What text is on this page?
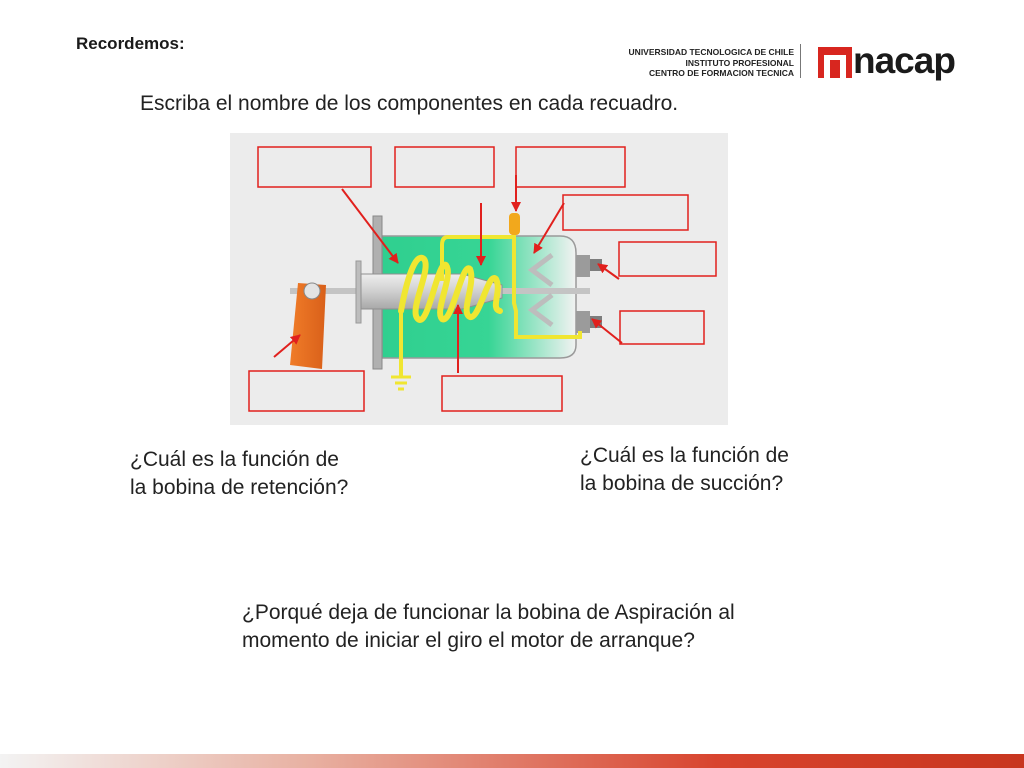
Recordemos:	UNIVERSIDAD TECNOLOGICA DE CHILE
INSTITUTO PROFESIONAL
CENTRO DE FORMACION TECNICA nacap
Escriba el nombre de los componentes en cada recuadro.
¿Cuál es la función de la bobina de retención?
¿Cuál es la función de la bobina de succión?
¿Porqué deja de funcionar la bobina de Aspiración al momento de iniciar el giro el motor de arranque?
